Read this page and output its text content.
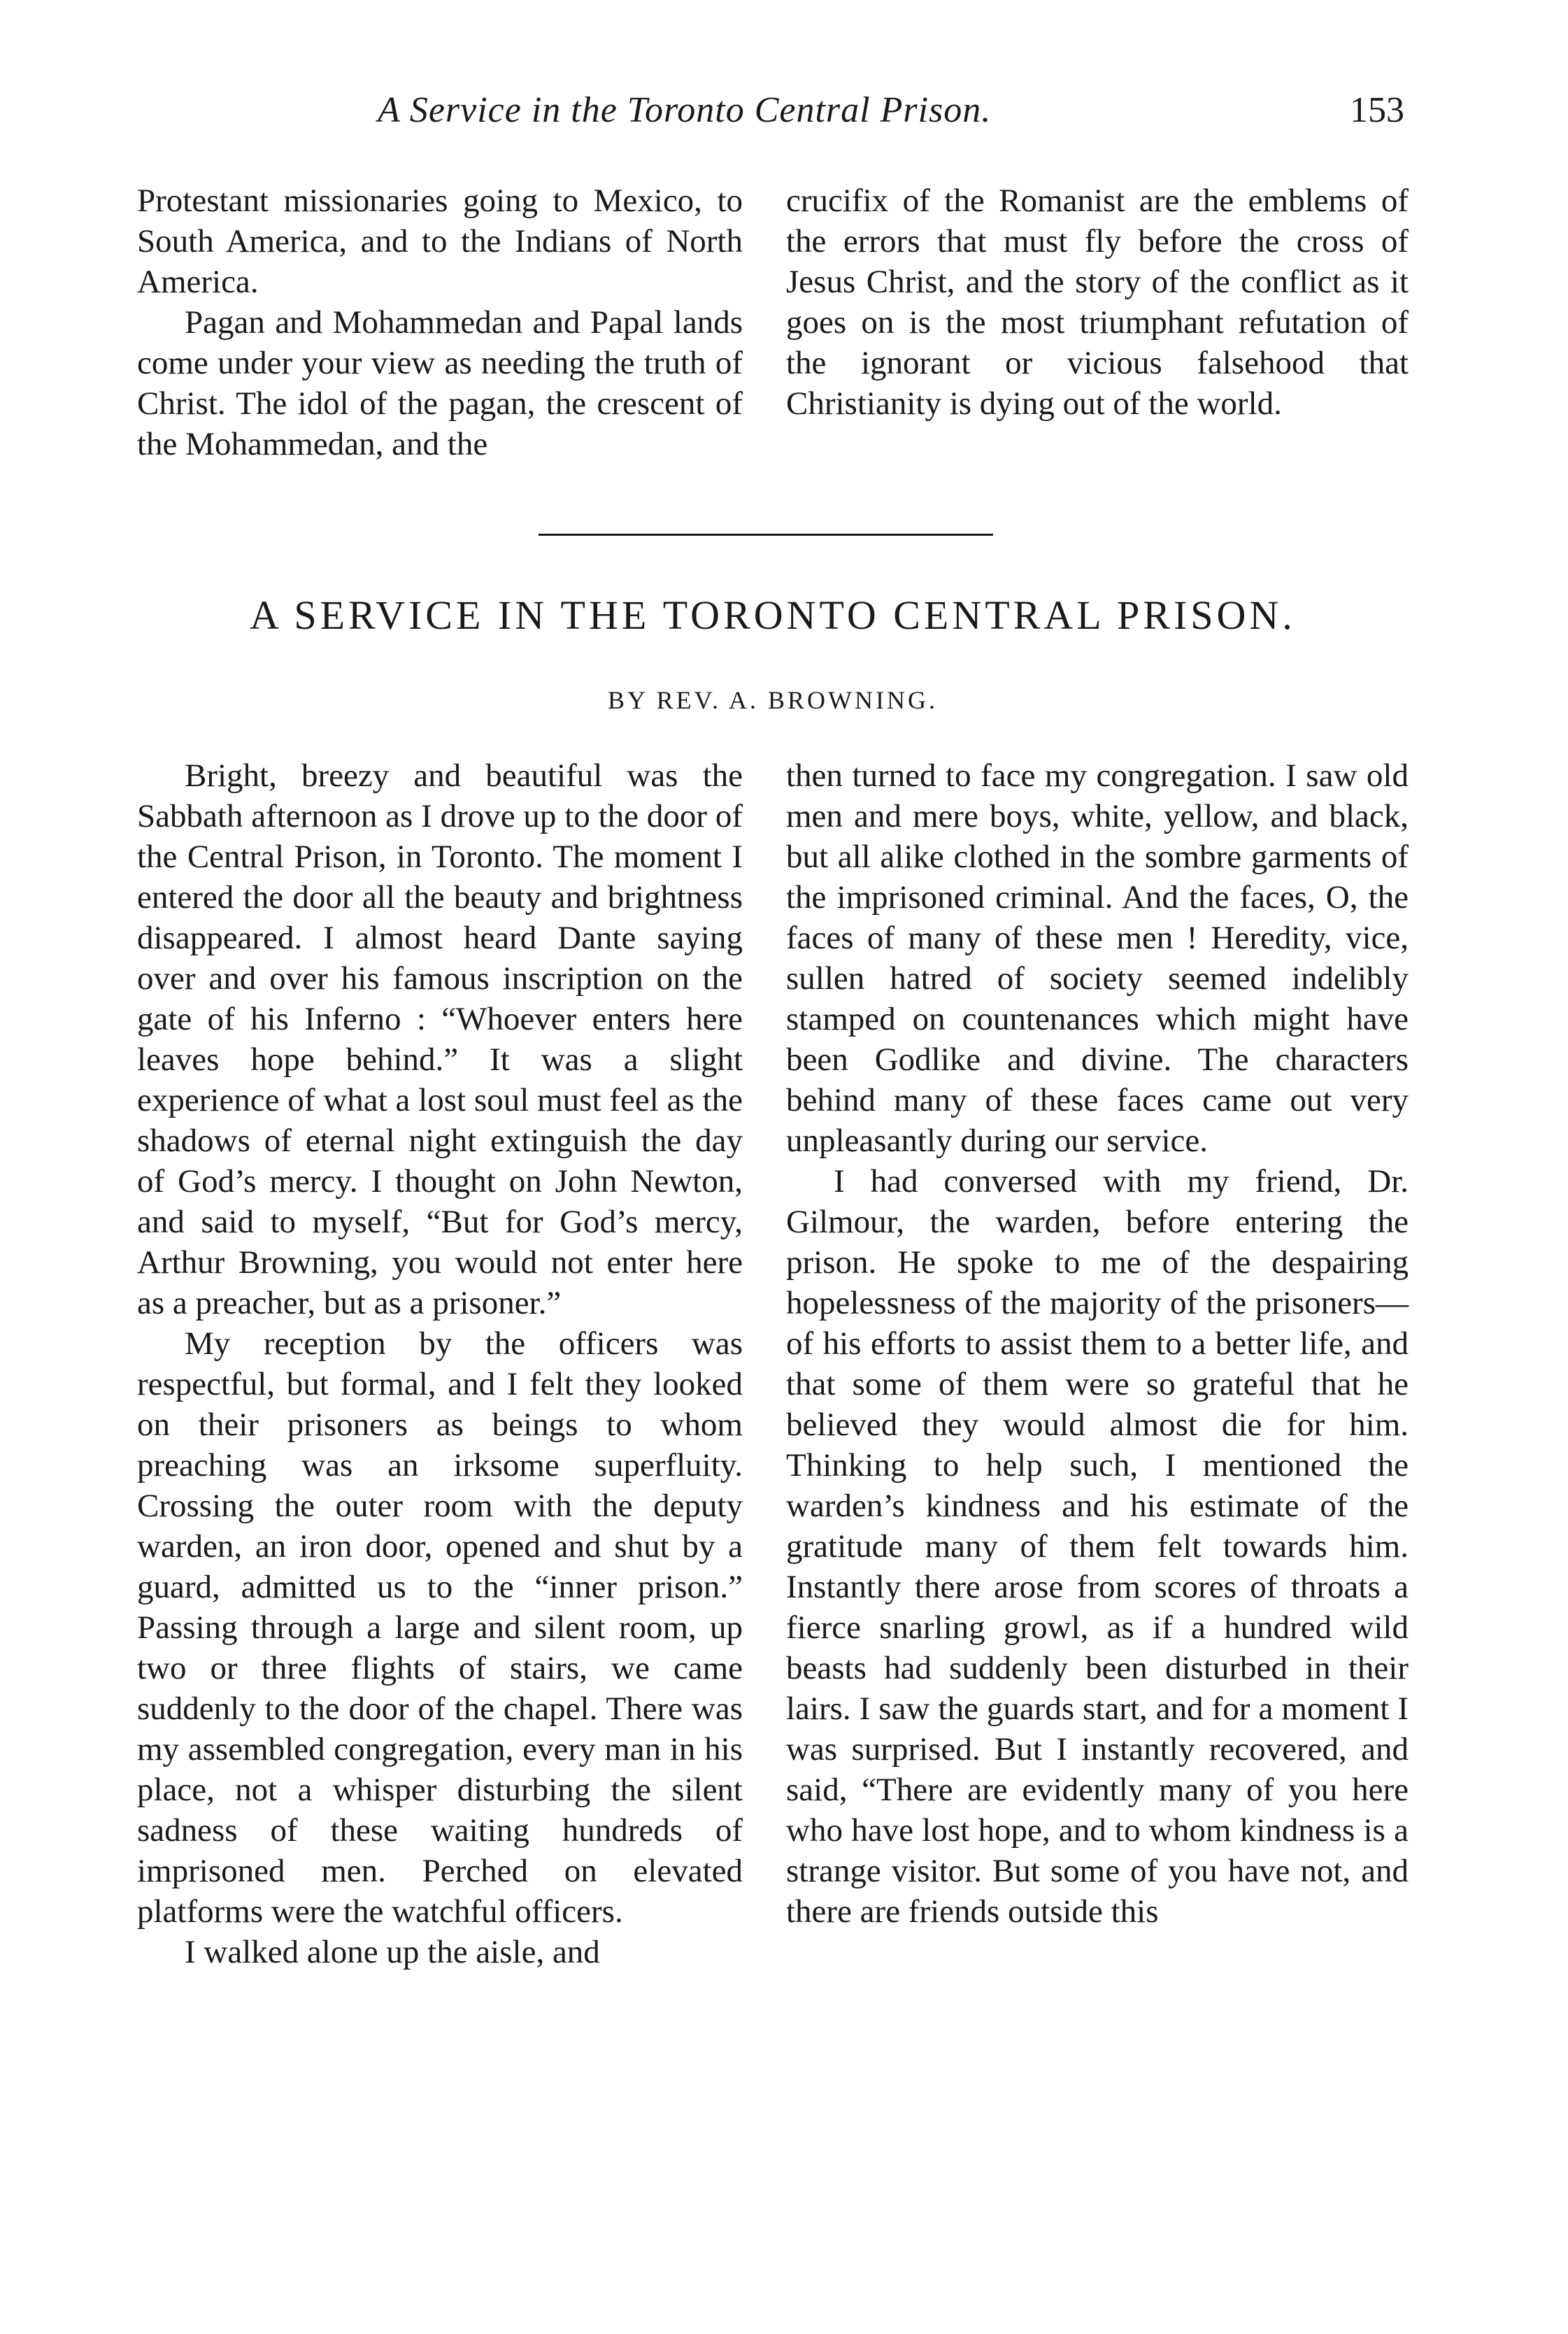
A Service in the Toronto Central Prison.	153

Protestant missionaries going to Mexico, to South America, and to the Indians of North America.

Pagan and Mohammedan and Papal lands come under your view as needing the truth of Christ. The idol of the pagan, the crescent of the Mohammedan, and the

crucifix of the Romanist are the emblems of the errors that must fly before the cross of Jesus Christ, and the story of the conflict as it goes on is the most triumphant refutation of the ignorant or vicious falsehood that Christianity is dying out of the world.

A SERVICE IN THE TORONTO CENTRAL PRISON.
BY REV. A. BROWNING.

Bright, breezy and beautiful was the Sabbath afternoon as I drove up to the door of the Central Prison, in Toronto. The moment I entered the door all the beauty and brightness disappeared. I almost heard Dante saying over and over his famous inscription on the gate of his Inferno : “Whoever enters here leaves hope behind.” It was a slight experience of what a lost soul must feel as the shadows of eternal night extinguish the day of God’s mercy. I thought on John Newton, and said to myself, “But for God’s mercy, Arthur Browning, you would not enter here as a preacher, but as a prisoner.”

My reception by the officers was respectful, but formal, and I felt they looked on their prisoners as beings to whom preaching was an irksome superfluity. Crossing the outer room with the deputy warden, an iron door, opened and shut by a guard, admitted us to the “inner prison.” Passing through a large and silent room, up two or three flights of stairs, we came suddenly to the door of the chapel. There was my assembled congregation, every man in his place, not a whisper disturbing the silent sadness of these waiting hundreds of imprisoned men. Perched on elevated platforms were the watchful officers.

I walked alone up the aisle, and

then turned to face my congregation. I saw old men and mere boys, white, yellow, and black, but all alike clothed in the sombre garments of the imprisoned criminal. And the faces, O, the faces of many of these men ! Heredity, vice, sullen hatred of society seemed indelibly stamped on countenances which might have been Godlike and divine. The characters behind many of these faces came out very unpleasantly during our service.

I had conversed with my friend, Dr. Gilmour, the warden, before entering the prison. He spoke to me of the despairing hopelessness of the majority of the prisoners—of his efforts to assist them to a better life, and that some of them were so grateful that he believed they would almost die for him. Thinking to help such, I mentioned the warden’s kindness and his estimate of the gratitude many of them felt towards him. Instantly there arose from scores of throats a fierce snarling growl, as if a hundred wild beasts had suddenly been disturbed in their lairs. I saw the guards start, and for a moment I was surprised. But I instantly recovered, and said, “There are evidently many of you here who have lost hope, and to whom kindness is a strange visitor. But some of you have not, and there are friends outside this
